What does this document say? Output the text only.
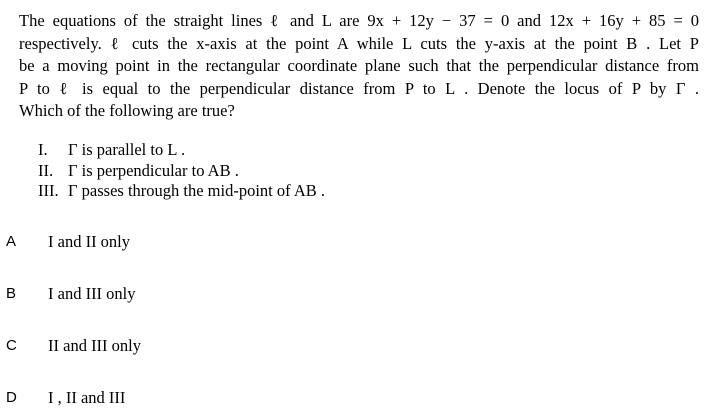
The equations of the straight lines ℓ and L are 9x + 12y − 37 = 0 and 12x + 16y + 85 = 0
respectively. ℓ cuts the x-axis at the point A while L cuts the y-axis at the point B . Let P
be a moving point in the rectangular coordinate plane such that the perpendicular distance from
P to ℓ is equal to the perpendicular distance from P to L . Denote the locus of P by Γ .
Which of the following are true?
I. Γ is parallel to L .
II. Γ is perpendicular to AB .
III. Γ passes through the mid-point of AB .
A I and II only
B I and III only
C II and III only
D I , II and III
